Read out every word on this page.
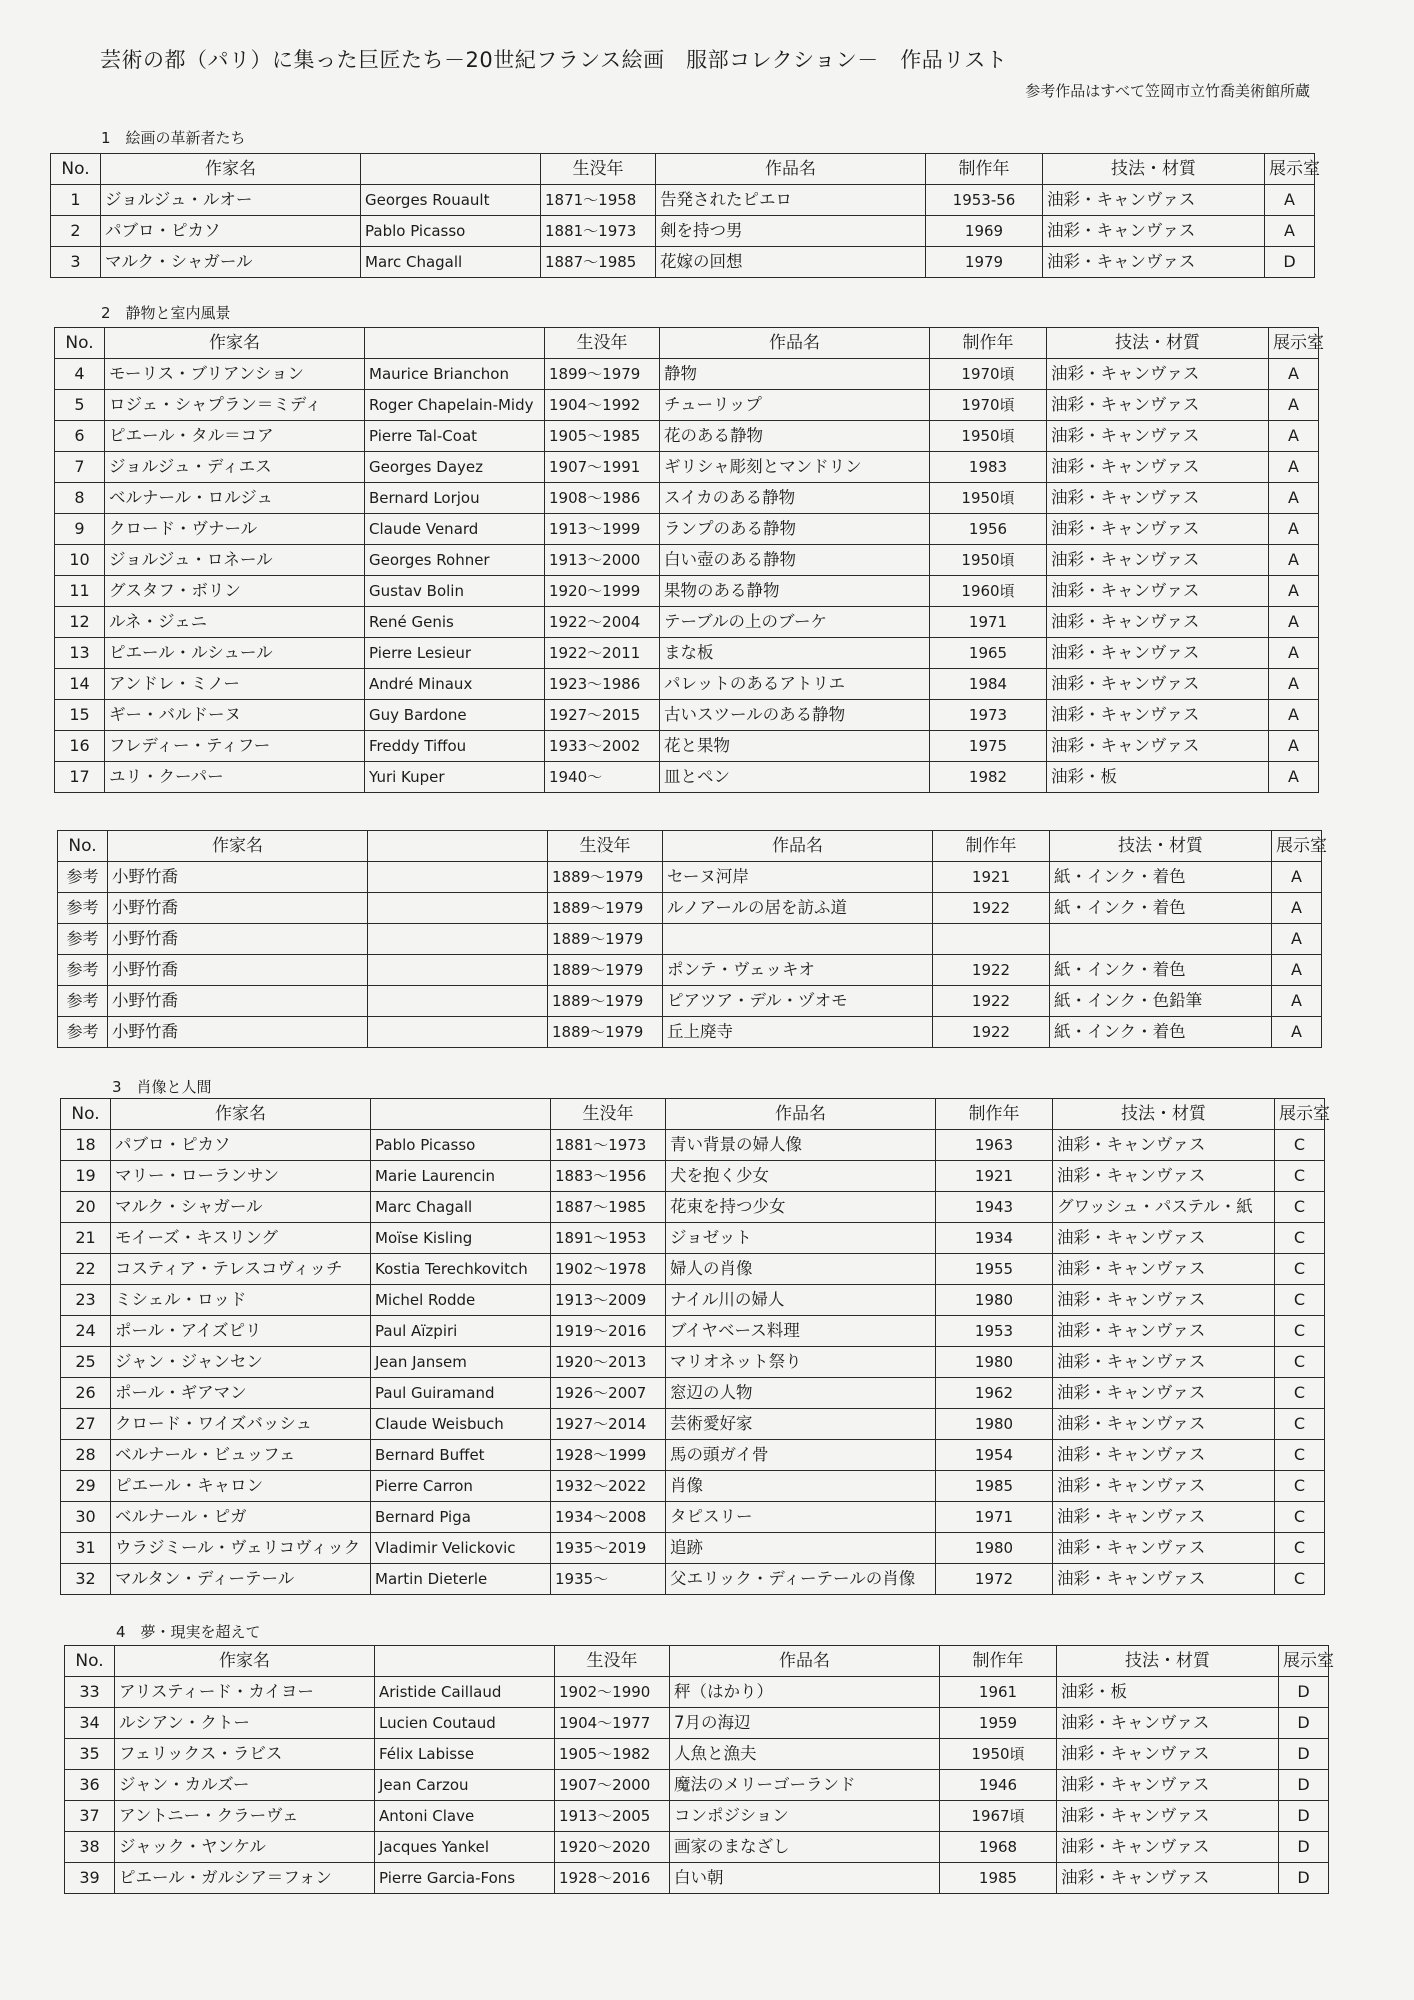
芸術の都（パリ）に集った巨匠たち－20世紀フランス絵画　服部コレクション－　作品リスト
参考作品はすべて笠岡市立竹喬美術館所蔵
1　絵画の革新者たち
2　静物と室内風景
3　肖像と人間
4　夢・現実を超えて
No.	作家名		生没年	作品名	制作年	技法・材質	展示室
1	ジョルジュ・ルオー	Georges Rouault	1871～1958	告発されたピエロ	1953-56	油彩・キャンヴァス	A
2	パブロ・ピカソ	Pablo Picasso	1881～1973	剣を持つ男	1969	油彩・キャンヴァス	A
3	マルク・シャガール	Marc Chagall	1887～1985	花嫁の回想	1979	油彩・キャンヴァス	D
No.	作家名		生没年	作品名	制作年	技法・材質	展示室
4	モーリス・ブリアンション	Maurice Brianchon	1899～1979	静物	1970頃	油彩・キャンヴァス	A
5	ロジェ・シャプラン＝ミディ	Roger Chapelain-Midy	1904～1992	チューリップ	1970頃	油彩・キャンヴァス	A
6	ピエール・タル＝コア	Pierre Tal-Coat	1905～1985	花のある静物	1950頃	油彩・キャンヴァス	A
7	ジョルジュ・ディエス	Georges Dayez	1907～1991	ギリシャ彫刻とマンドリン	1983	油彩・キャンヴァス	A
8	ベルナール・ロルジュ	Bernard Lorjou	1908～1986	スイカのある静物	1950頃	油彩・キャンヴァス	A
9	クロード・ヴナール	Claude Venard	1913～1999	ランプのある静物	1956	油彩・キャンヴァス	A
10	ジョルジュ・ロネール	Georges Rohner	1913～2000	白い壺のある静物	1950頃	油彩・キャンヴァス	A
11	グスタフ・ボリン	Gustav Bolin	1920～1999	果物のある静物	1960頃	油彩・キャンヴァス	A
12	ルネ・ジェニ	René Genis	1922～2004	テーブルの上のブーケ	1971	油彩・キャンヴァス	A
13	ピエール・ルシュール	Pierre Lesieur	1922～2011	まな板	1965	油彩・キャンヴァス	A
14	アンドレ・ミノー	André Minaux	1923～1986	パレットのあるアトリエ	1984	油彩・キャンヴァス	A
15	ギー・バルドーヌ	Guy Bardone	1927～2015	古いスツールのある静物	1973	油彩・キャンヴァス	A
16	フレディー・ティフー	Freddy Tiffou	1933～2002	花と果物	1975	油彩・キャンヴァス	A
17	ユリ・クーパー	Yuri Kuper	1940～	皿とペン	1982	油彩・板	A
No.	作家名		生没年	作品名	制作年	技法・材質	展示室
参考	小野竹喬		1889～1979	セーヌ河岸	1921	紙・インク・着色	A
参考	小野竹喬		1889～1979	ルノアールの居を訪ふ道	1922	紙・インク・着色	A
参考	小野竹喬		1889～1979				A
参考	小野竹喬		1889～1979	ポンテ・ヴェッキオ	1922	紙・インク・着色	A
参考	小野竹喬		1889～1979	ピアツア・デル・ヅオモ	1922	紙・インク・色鉛筆	A
参考	小野竹喬		1889～1979	丘上廃寺	1922	紙・インク・着色	A
No.	作家名		生没年	作品名	制作年	技法・材質	展示室
18	パブロ・ピカソ	Pablo Picasso	1881～1973	青い背景の婦人像	1963	油彩・キャンヴァス	C
19	マリー・ローランサン	Marie Laurencin	1883～1956	犬を抱く少女	1921	油彩・キャンヴァス	C
20	マルク・シャガール	Marc Chagall	1887～1985	花束を持つ少女	1943	グワッシュ・パステル・紙	C
21	モイーズ・キスリング	Moïse Kisling	1891～1953	ジョゼット	1934	油彩・キャンヴァス	C
22	コスティア・テレスコヴィッチ	Kostia Terechkovitch	1902～1978	婦人の肖像	1955	油彩・キャンヴァス	C
23	ミシェル・ロッド	Michel Rodde	1913～2009	ナイル川の婦人	1980	油彩・キャンヴァス	C
24	ポール・アイズピリ	Paul Aïzpiri	1919～2016	ブイヤベース料理	1953	油彩・キャンヴァス	C
25	ジャン・ジャンセン	Jean Jansem	1920～2013	マリオネット祭り	1980	油彩・キャンヴァス	C
26	ポール・ギアマン	Paul Guiramand	1926～2007	窓辺の人物	1962	油彩・キャンヴァス	C
27	クロード・ワイズバッシュ	Claude Weisbuch	1927～2014	芸術愛好家	1980	油彩・キャンヴァス	C
28	ベルナール・ビュッフェ	Bernard Buffet	1928～1999	馬の頭ガイ骨	1954	油彩・キャンヴァス	C
29	ピエール・キャロン	Pierre Carron	1932～2022	肖像	1985	油彩・キャンヴァス	C
30	ベルナール・ピガ	Bernard Piga	1934～2008	タピスリー	1971	油彩・キャンヴァス	C
31	ウラジミール・ヴェリコヴィック	Vladimir Velickovic	1935～2019	追跡	1980	油彩・キャンヴァス	C
32	マルタン・ディーテール	Martin Dieterle	1935～	父エリック・ディーテールの肖像	1972	油彩・キャンヴァス	C
No.	作家名		生没年	作品名	制作年	技法・材質	展示室
33	アリスティード・カイヨー	Aristide Caillaud	1902～1990	秤（はかり）	1961	油彩・板	D
34	ルシアン・クトー	Lucien Coutaud	1904～1977	7月の海辺	1959	油彩・キャンヴァス	D
35	フェリックス・ラビス	Félix Labisse	1905～1982	人魚と漁夫	1950頃	油彩・キャンヴァス	D
36	ジャン・カルズー	Jean Carzou	1907～2000	魔法のメリーゴーランド	1946	油彩・キャンヴァス	D
37	アントニー・クラーヴェ	Antoni Clave	1913～2005	コンポジション	1967頃	油彩・キャンヴァス	D
38	ジャック・ヤンケル	Jacques Yankel	1920～2020	画家のまなざし	1968	油彩・キャンヴァス	D
39	ピエール・ガルシア＝フォン	Pierre Garcia-Fons	1928～2016	白い朝	1985	油彩・キャンヴァス	D
